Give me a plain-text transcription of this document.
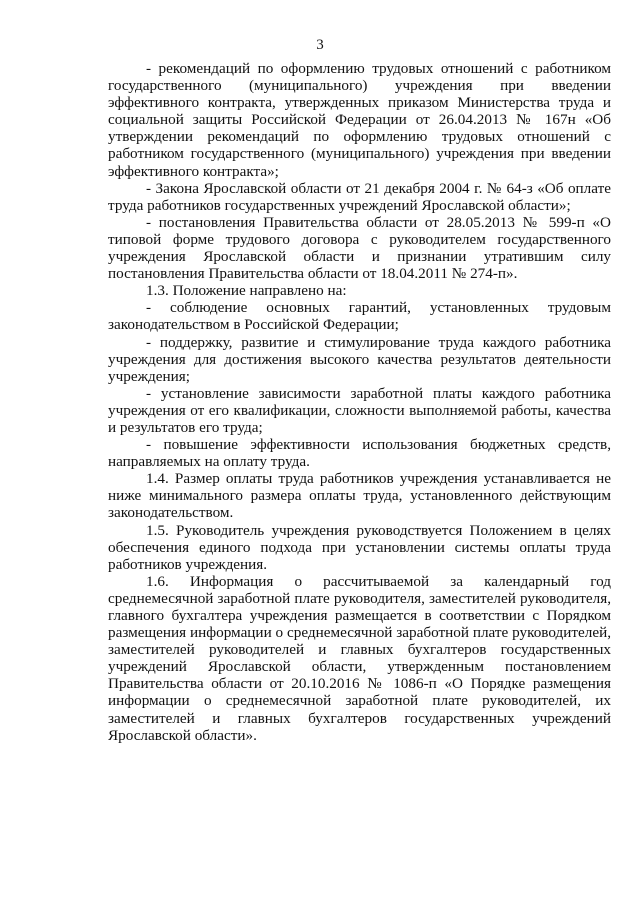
3

- рекомендаций по оформлению трудовых отношений с работником государственного (муниципального) учреждения при введении эффективного контракта, утвержденных приказом Министерства труда и социальной защиты Российской Федерации от 26.04.2013 № 167н «Об утверждении рекомендаций по оформлению трудовых отношений с работником государственного (муниципального) учреждения при введении эффективного контракта»;

- Закона Ярославской области от 21 декабря 2004 г. № 64-з «Об оплате труда работников государственных учреждений Ярославской области»;

- постановления Правительства области от 28.05.2013 № 599-п «О типовой форме трудового договора с руководителем государственного учреждения Ярославской области и признании утратившим силу постановления Правительства области от 18.04.2011 № 274-п».

1.3. Положение направлено на:

- соблюдение основных гарантий, установленных трудовым законодательством в Российской Федерации;

- поддержку, развитие и стимулирование труда каждого работника учреждения для достижения высокого качества результатов деятельности учреждения;

- установление зависимости заработной платы каждого работника учреждения от его квалификации, сложности выполняемой работы, качества и результатов его труда;

- повышение эффективности использования бюджетных средств, направляемых на оплату труда.

1.4. Размер оплаты труда работников учреждения устанавливается не ниже минимального размера оплаты труда, установленного действующим законодательством.

1.5. Руководитель учреждения руководствуется Положением в целях обеспечения единого подхода при установлении системы оплаты труда работников учреждения.

1.6. Информация о рассчитываемой за календарный год среднемесячной заработной плате руководителя, заместителей руководителя, главного бухгалтера учреждения размещается в соответствии с Порядком размещения информации о среднемесячной заработной плате руководителей, заместителей руководителей и главных бухгалтеров государственных учреждений Ярославской области, утвержденным постановлением Правительства области от 20.10.2016 № 1086-п «О Порядке размещения информации о среднемесячной заработной плате руководителей, их заместителей и главных бухгалтеров государственных учреждений Ярославской области».
